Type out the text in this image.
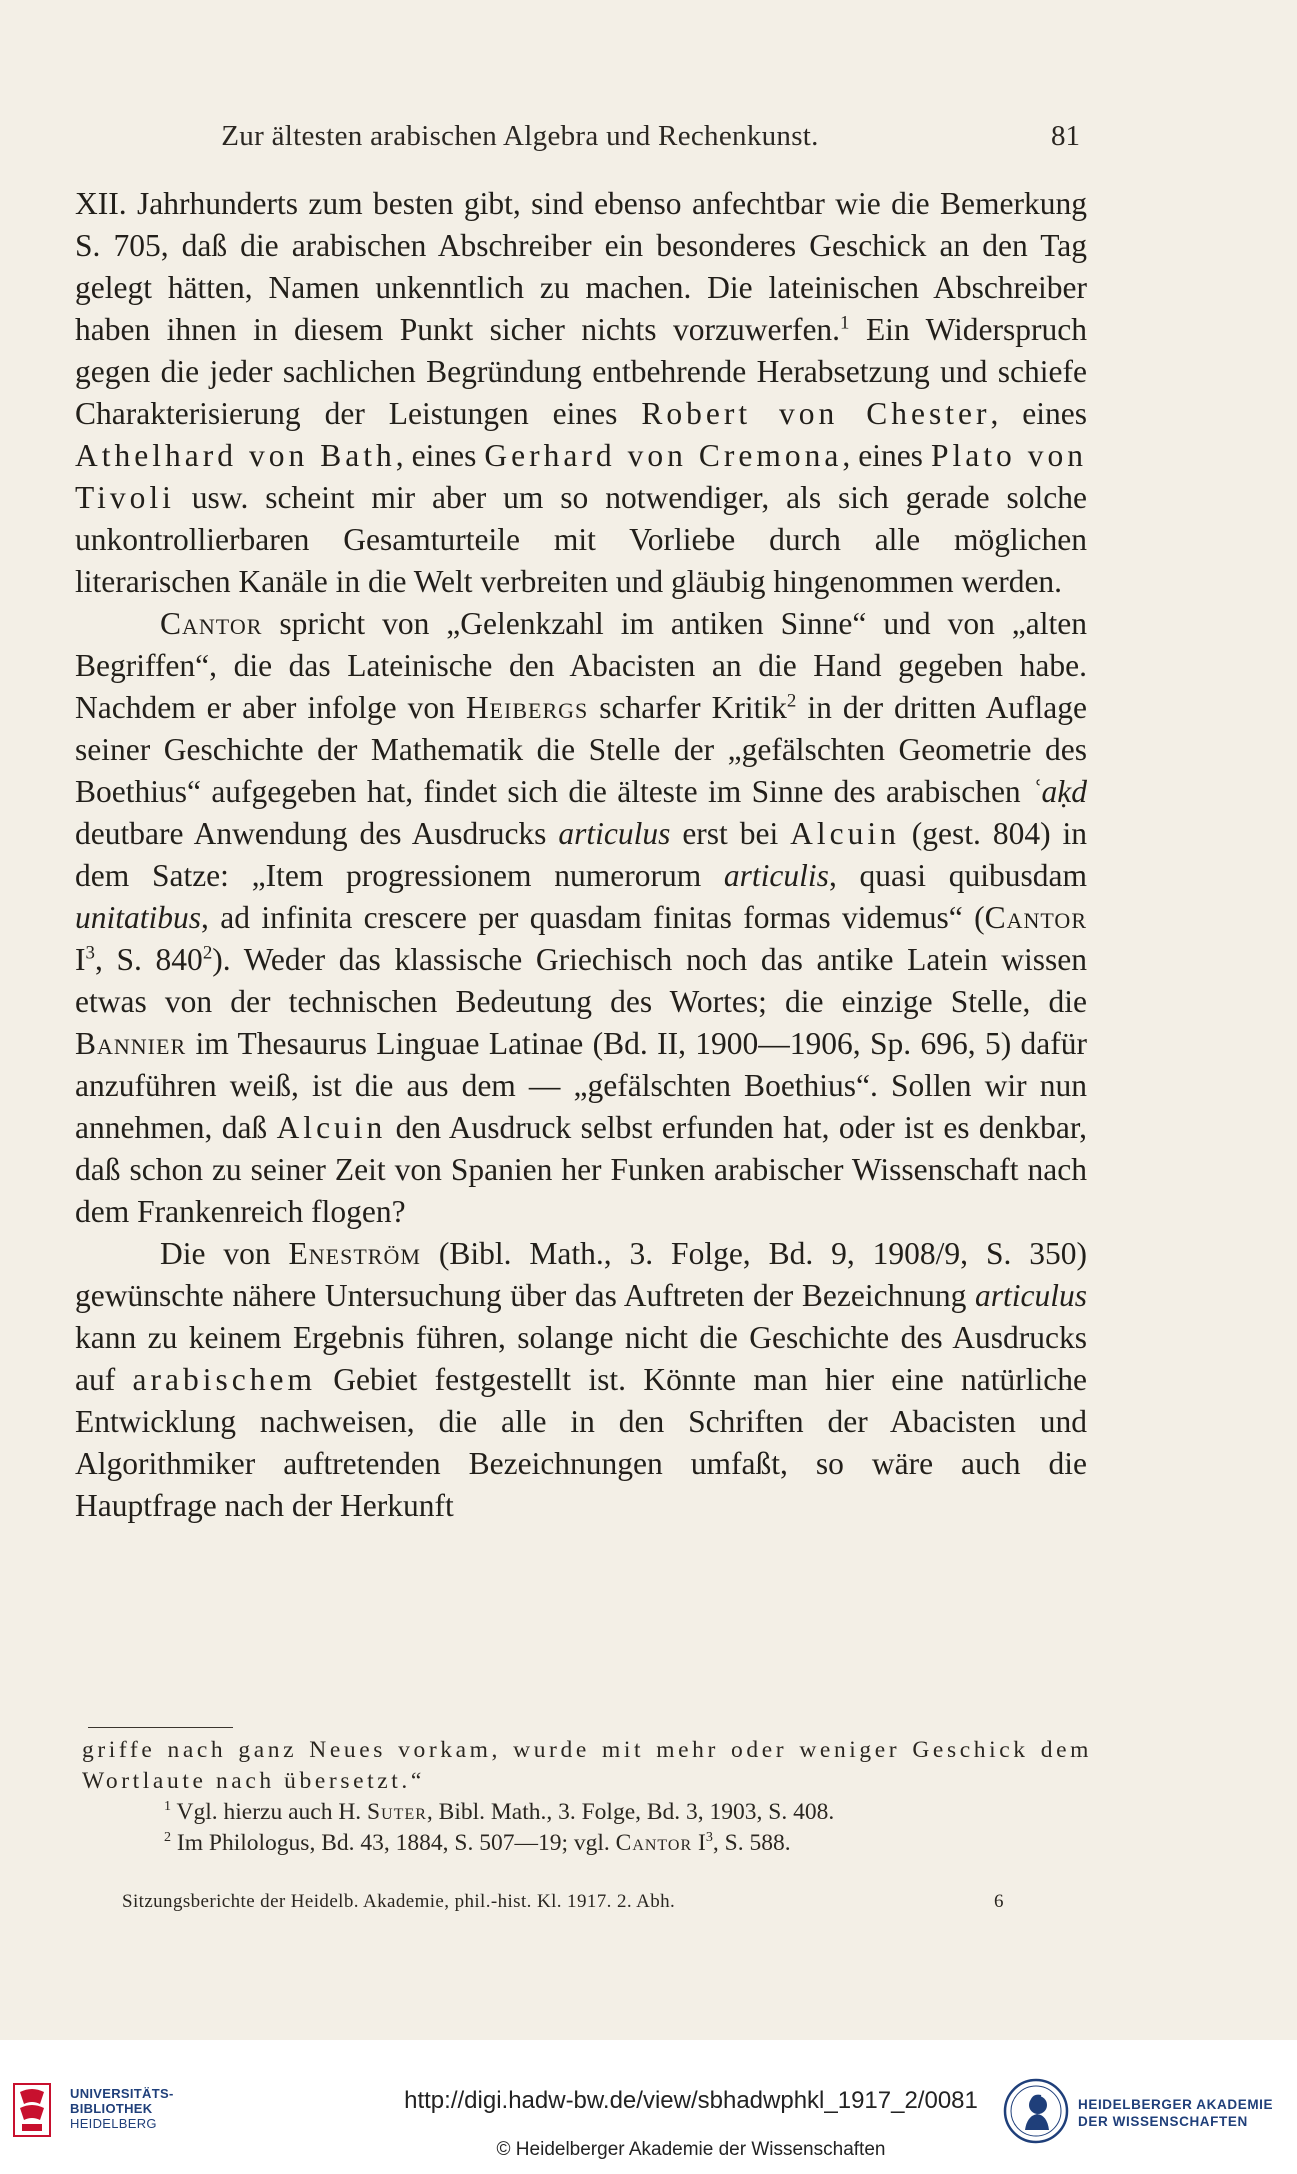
Zur ältesten arabischen Algebra und Rechenkunst.	81

XII. Jahrhunderts zum besten gibt, sind ebenso anfechtbar wie die Bemerkung S. 705, daß die arabischen Abschreiber ein besonderes Geschick an den Tag gelegt hätten, Namen unkenntlich zu machen. Die lateinischen Abschreiber haben ihnen in diesem Punkt sicher nichts vorzuwerfen.$^1$ Ein Widerspruch gegen die jeder sachlichen Begründung entbehrende Herabsetzung und schiefe Charakterisierung der Leistungen eines Robert von Chester, eines Athelhard von Bath, eines Gerhard von Cremona, eines Plato von Tivoli usw. scheint mir aber um so notwendiger, als sich gerade solche unkontrollierbaren Gesamturteile mit Vorliebe durch alle möglichen literarischen Kanäle in die Welt verbreiten und gläubig hingenommen werden.

Cantor spricht von „Gelenkzahl im antiken Sinne“ und von „alten Begriffen“, die das Lateinische den Abacisten an die Hand gegeben habe. Nachdem er aber infolge von Heibergs scharfer Kritik$^2$ in der dritten Auflage seiner Geschichte der Mathematik die Stelle der „gefälschten Geometrie des Boethius“ aufgegeben hat, findet sich die älteste im Sinne des arabischen ʿaḳd deutbare Anwendung des Ausdrucks articulus erst bei Alcuin (gest. 804) in dem Satze: „Item progressionem numerorum articulis, quasi quibusdam unitatibus, ad infinita crescere per quasdam finitas formas videmus“ (Cantor $I^3$, S. $840^2$). Weder das klassische Griechisch noch das antike Latein wissen etwas von der technischen Bedeutung des Wortes; die einzige Stelle, die Bannier im Thesaurus Linguae Latinae (Bd. II, 1900—1906, Sp. 696, 5) dafür anzuführen weiß, ist die aus dem — „gefälschten Boethius“. Sollen wir nun annehmen, daß Alcuin den Ausdruck selbst erfunden hat, oder ist es denkbar, daß schon zu seiner Zeit von Spanien her Funken arabischer Wissenschaft nach dem Frankenreich flogen?

Die von Eneström (Bibl. Math., 3. Folge, Bd. 9, 1908/9, S. 350) gewünschte nähere Untersuchung über das Auftreten der Bezeichnung articulus kann zu keinem Ergebnis führen, solange nicht die Geschichte des Ausdrucks auf arabischem Gebiet festgestellt ist. Könnte man hier eine natürliche Entwicklung nachweisen, die alle in den Schriften der Abacisten und Algorithmiker auftretenden Bezeichnungen umfaßt, so wäre auch die Hauptfrage nach der Herkunft

griffe nach ganz Neues vorkam, wurde mit mehr oder weniger Geschick dem Wortlaute nach übersetzt.“

$^1$ Vgl. hierzu auch H. Suter, Bibl. Math., 3. Folge, Bd. 3, 1903, S. 408.

$^2$ Im Philologus, Bd. 43, 1884, S. 507—19; vgl. Cantor $I^3$, S. 588.

Sitzungsberichte der Heidelb. Akademie, phil.-hist. Kl. 1917. 2. Abh.	6
UNIVERSITÄTS-
BIBLIOTHEK
HEIDELBERG
http://digi.hadw-bw.de/view/sbhadwphkl_1917_2/0081
© Heidelberger Akademie der Wissenschaften
HEIDELBERGER AKADEMIE
DER WISSENSCHAFTEN
